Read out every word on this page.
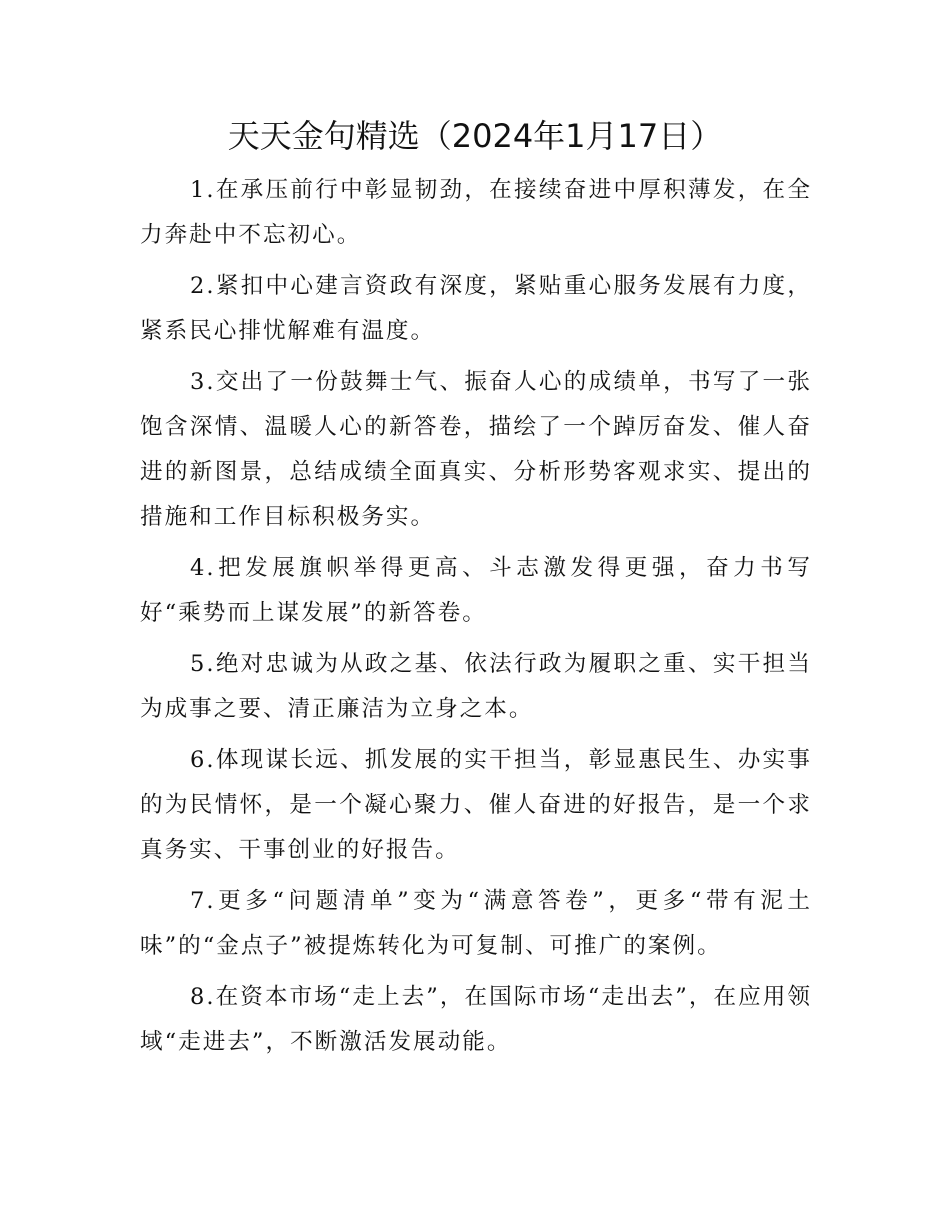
天天金句精选（2024年1月17日）

1.在承压前行中彰显韧劲，在接续奋进中厚积薄发，在全力奔赴中不忘初心。

2.紧扣中心建言资政有深度，紧贴重心服务发展有力度，紧系民心排忧解难有温度。

3.交出了一份鼓舞士气、振奋人心的成绩单，书写了一张饱含深情、温暖人心的新答卷，描绘了一个踔厉奋发、催人奋进的新图景，总结成绩全面真实、分析形势客观求实、提出的措施和工作目标积极务实。

4.把发展旗帜举得更高、斗志激发得更强，奋力书写好“乘势而上谋发展”的新答卷。

5.绝对忠诚为从政之基、依法行政为履职之重、实干担当为成事之要、清正廉洁为立身之本。

6.体现谋长远、抓发展的实干担当，彰显惠民生、办实事的为民情怀，是一个凝心聚力、催人奋进的好报告，是一个求真务实、干事创业的好报告。

7.更多“问题清单”变为“满意答卷”，更多“带有泥土味”的“金点子”被提炼转化为可复制、可推广的案例。

8.在资本市场“走上去”，在国际市场“走出去”，在应用领域“走进去”，不断激活发展动能。
